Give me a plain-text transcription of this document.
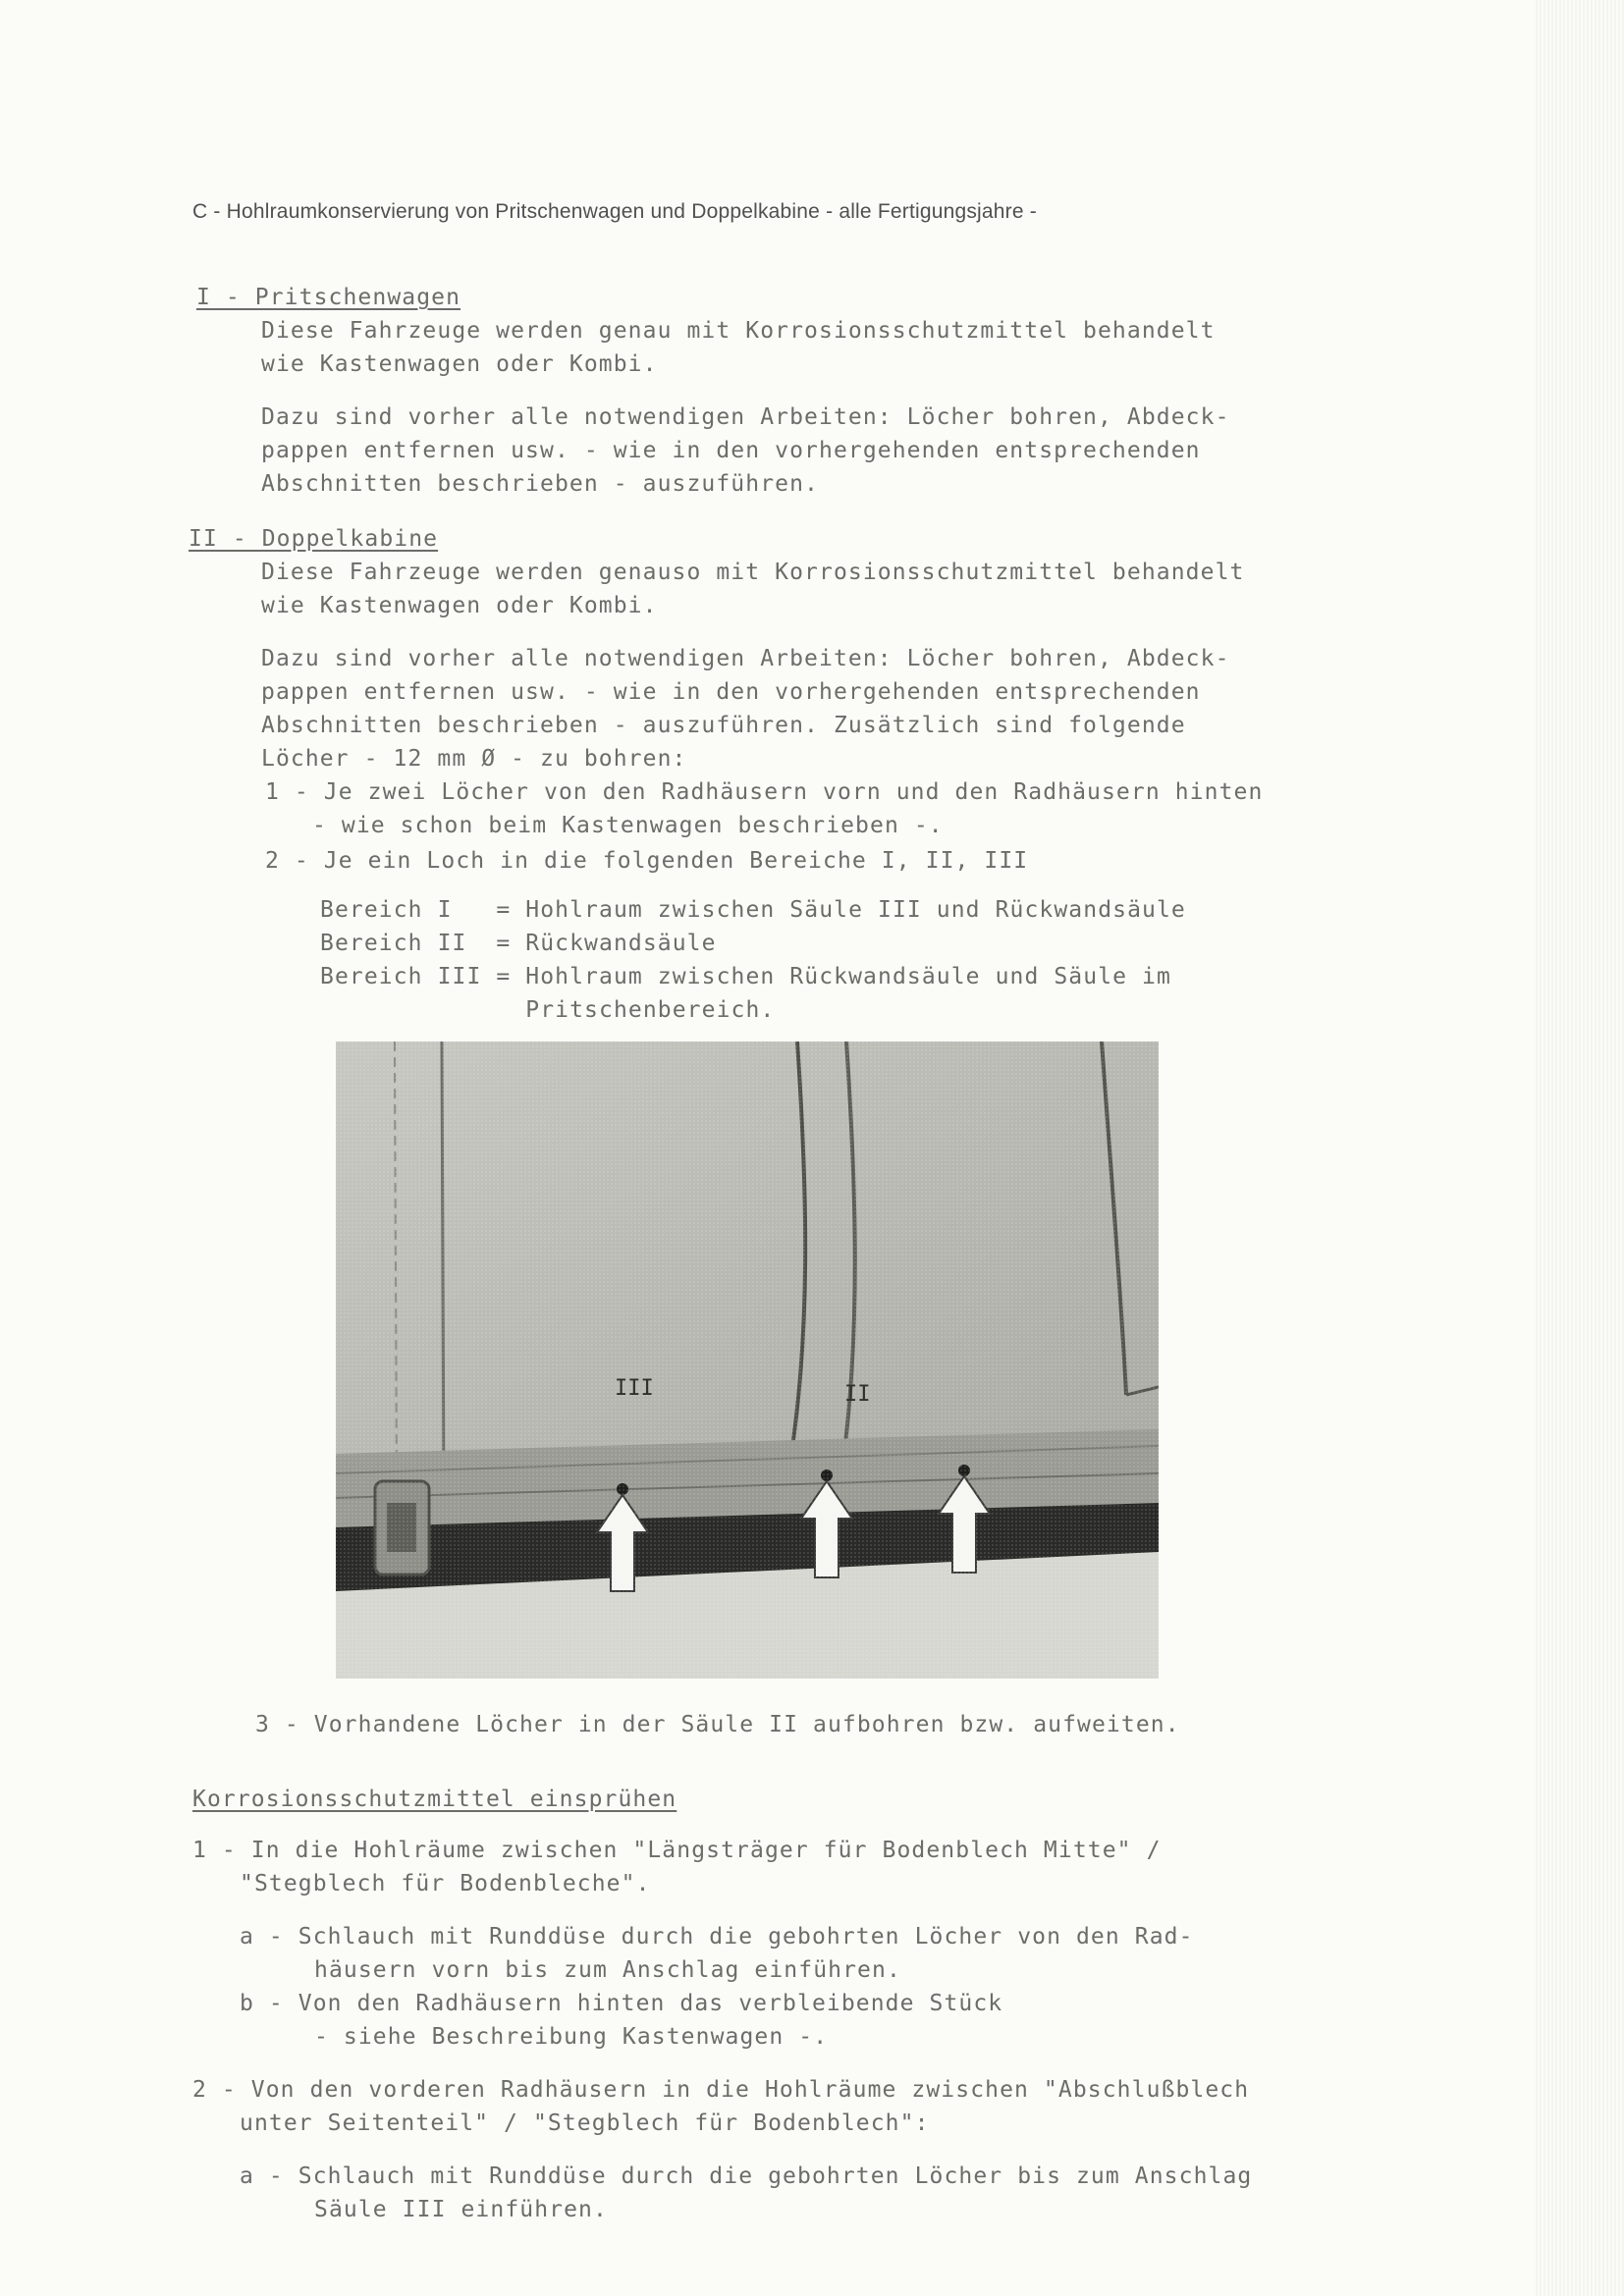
C - Hohlraumkonservierung von Pritschenwagen und Doppelkabine - alle Fertigungsjahre -
I - Pritschenwagen
Diese Fahrzeuge werden genau mit Korrosionsschutzmittel behandelt
wie Kastenwagen oder Kombi.
Dazu sind vorher alle notwendigen Arbeiten: Löcher bohren, Abdeck-
pappen entfernen usw. - wie in den vorhergehenden entsprechenden
Abschnitten beschrieben - auszuführen.
II - Doppelkabine
Diese Fahrzeuge werden genauso mit Korrosionsschutzmittel behandelt
wie Kastenwagen oder Kombi.
Dazu sind vorher alle notwendigen Arbeiten: Löcher bohren, Abdeck-
pappen entfernen usw. - wie in den vorhergehenden entsprechenden
Abschnitten beschrieben - auszuführen. Zusätzlich sind folgende
Löcher - 12 mm Ø - zu bohren:
1 - Je zwei Löcher von den Radhäusern vorn und den Radhäusern hinten
- wie schon beim Kastenwagen beschrieben -.
2 - Je ein Loch in die folgenden Bereiche I, II, III
Bereich I   = Hohlraum zwischen Säule III und Rückwandsäule
Bereich II  = Rückwandsäule
Bereich III = Hohlraum zwischen Rückwandsäule und Säule im
Pritschenbereich.
III	II
3 - Vorhandene Löcher in der Säule II aufbohren bzw. aufweiten.
Korrosionsschutzmittel einsprühen
1 - In die Hohlräume zwischen "Längsträger für Bodenblech Mitte" /
"Stegblech für Bodenbleche".
a - Schlauch mit Runddüse durch die gebohrten Löcher von den Rad-
häusern vorn bis zum Anschlag einführen.
b - Von den Radhäusern hinten das verbleibende Stück
- siehe Beschreibung Kastenwagen -.
2 - Von den vorderen Radhäusern in die Hohlräume zwischen "Abschlußblech
unter Seitenteil" / "Stegblech für Bodenblech":
a - Schlauch mit Runddüse durch die gebohrten Löcher bis zum Anschlag
Säule III einführen.
